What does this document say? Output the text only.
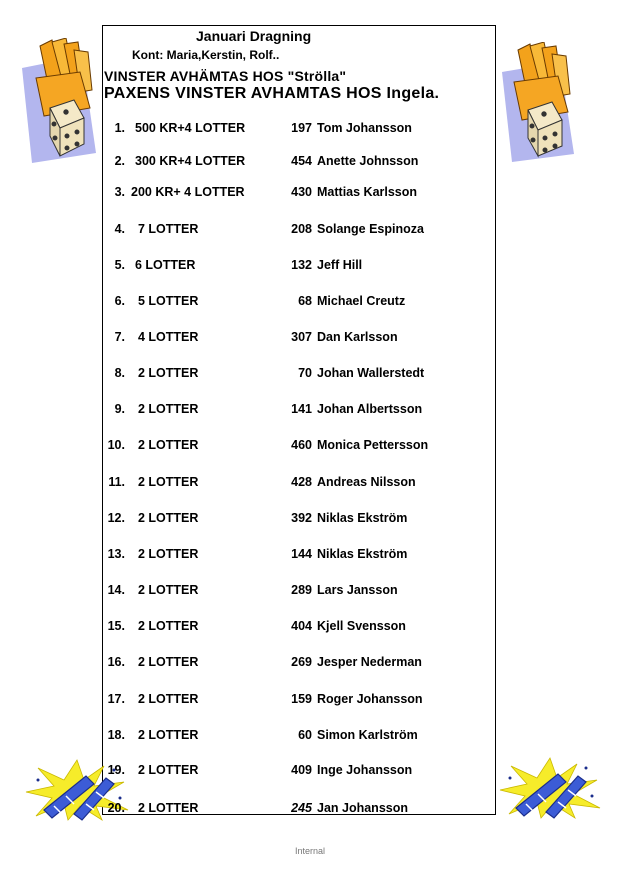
Januari Dragning
Kont: Maria,Kerstin, Rolf..
VINSTER AVHÄMTAS HOS "Strölla"
PAXENS VINSTER AVHAMTAS HOS Ingela.
1. 500 KR+4 LOTTER	197 Tom Johansson
2. 300 KR+4 LOTTER	454 Anette Johnsson
3. 200 KR+ 4 LOTTER	430 Mattias Karlsson
4. 7 LOTTER	208 Solange Espinoza
5. 6 LOTTER	132 Jeff Hill
6. 5 LOTTER	68 Michael Creutz
7. 4 LOTTER	307 Dan Karlsson
8. 2 LOTTER	70 Johan Wallerstedt
9. 2 LOTTER	141 Johan Albertsson
10. 2 LOTTER	460 Monica Pettersson
11. 2 LOTTER	428 Andreas Nilsson
12. 2 LOTTER	392 Niklas Ekström
13. 2 LOTTER	144 Niklas Ekström
14. 2 LOTTER	289 Lars Jansson
15. 2 LOTTER	404 Kjell Svensson
16. 2 LOTTER	269 Jesper Nederman
17. 2 LOTTER	159 Roger Johansson
18. 2 LOTTER	60 Simon Karlström
19. 2 LOTTER	409 Inge Johansson
20. 2 LOTTER	245 Jan Johansson
Internal
